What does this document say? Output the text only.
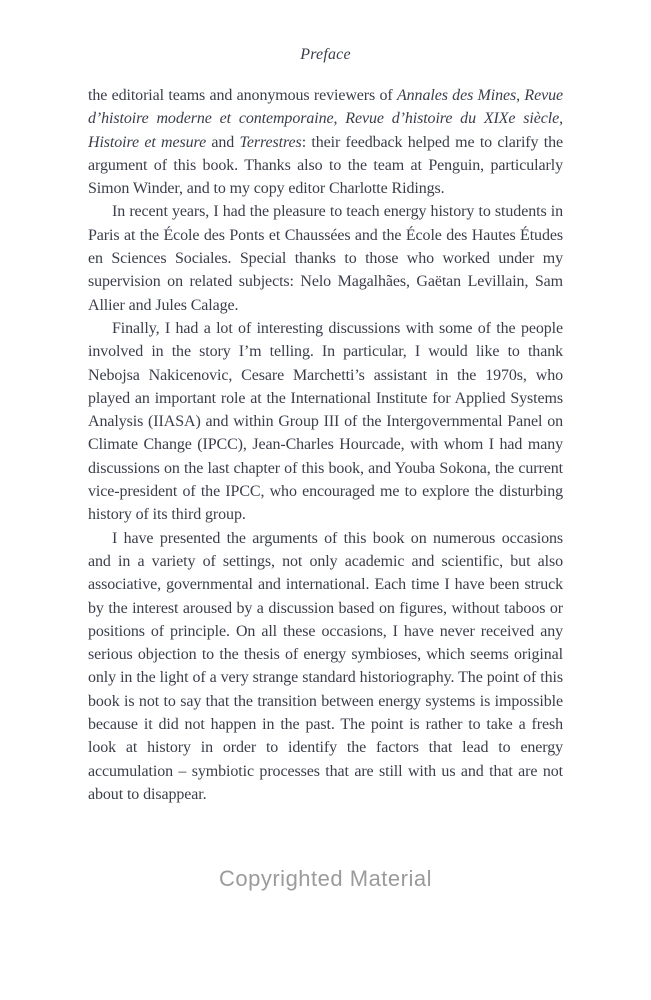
Preface

the editorial teams and anonymous reviewers of Annales des Mines, Revue d’histoire moderne et contemporaine, Revue d’histoire du XIXe siècle, Histoire et mesure and Terrestres: their feedback helped me to clarify the argument of this book. Thanks also to the team at Penguin, particularly Simon Winder, and to my copy editor Charlotte Ridings.

In recent years, I had the pleasure to teach energy history to students in Paris at the École des Ponts et Chaussées and the École des Hautes Études en Sciences Sociales. Special thanks to those who worked under my supervision on related subjects: Nelo Magalhães, Gaëtan Levillain, Sam Allier and Jules Calage.

Finally, I had a lot of interesting discussions with some of the people involved in the story I’m telling. In particular, I would like to thank Nebojsa Nakicenovic, Cesare Marchetti’s assistant in the 1970s, who played an important role at the International Institute for Applied Systems Analysis (IIASA) and within Group III of the Intergovernmental Panel on Climate Change (IPCC), Jean-Charles Hourcade, with whom I had many discussions on the last chapter of this book, and Youba Sokona, the current vice-president of the IPCC, who encouraged me to explore the disturbing history of its third group.

I have presented the arguments of this book on numerous occasions and in a variety of settings, not only academic and scientific, but also associative, governmental and international. Each time I have been struck by the interest aroused by a discussion based on figures, without taboos or positions of principle. On all these occasions, I have never received any serious objection to the thesis of energy symbioses, which seems original only in the light of a very strange standard historiography. The point of this book is not to say that the transition between energy systems is impossible because it did not happen in the past. The point is rather to take a fresh look at history in order to identify the factors that lead to energy accumulation – symbiotic processes that are still with us and that are not about to disappear.

Copyrighted Material
